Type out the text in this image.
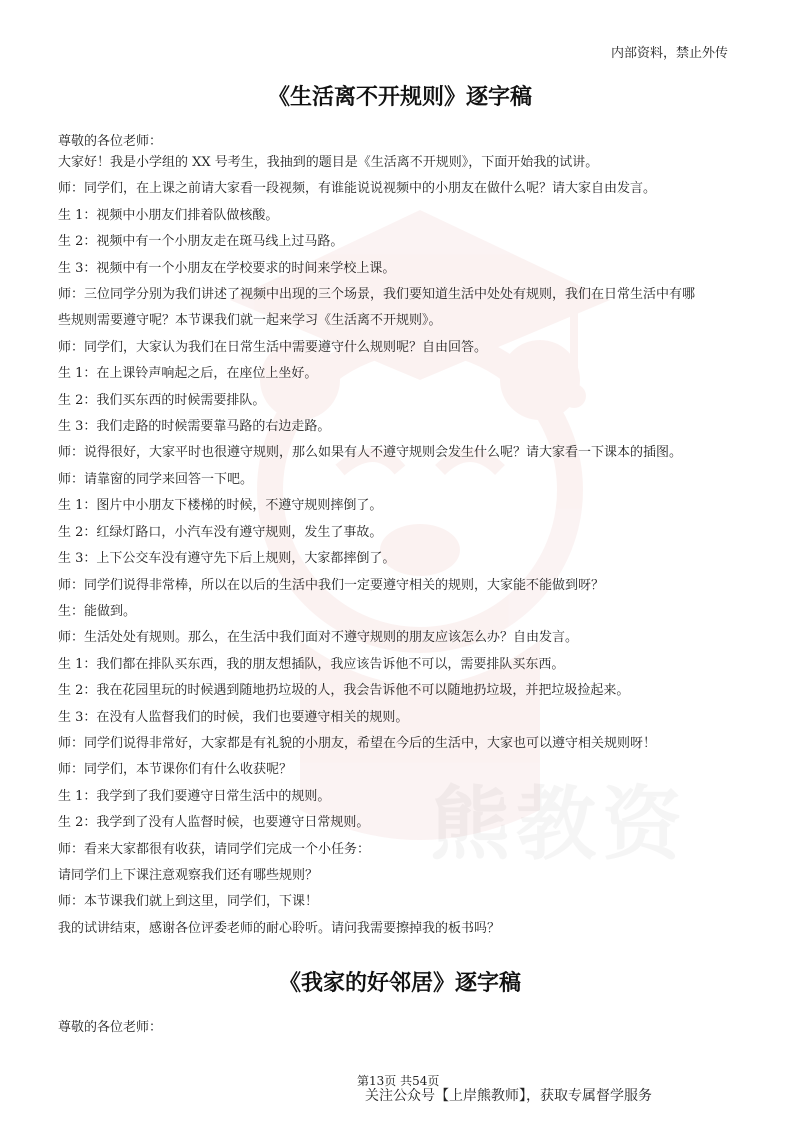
内部资料，禁止外传
《生活离不开规则》逐字稿
尊敬的各位老师：
大家好！我是小学组的 XX 号考生，我抽到的题目是《生活离不开规则》，下面开始我的试讲。
师：同学们，在上课之前请大家看一段视频，有谁能说说视频中的小朋友在做什么呢？请大家自由发言。
生 1：视频中小朋友们排着队做核酸。
生 2：视频中有一个小朋友走在斑马线上过马路。
生 3：视频中有一个小朋友在学校要求的时间来学校上课。
师：三位同学分别为我们讲述了视频中出现的三个场景，我们要知道生活中处处有规则，我们在日常生活中有哪
些规则需要遵守呢？本节课我们就一起来学习《生活离不开规则》。
师：同学们，大家认为我们在日常生活中需要遵守什么规则呢？自由回答。
生 1：在上课铃声响起之后，在座位上坐好。
生 2：我们买东西的时候需要排队。
生 3：我们走路的时候需要靠马路的右边走路。
师：说得很好，大家平时也很遵守规则，那么如果有人不遵守规则会发生什么呢？请大家看一下课本的插图。
师：请靠窗的同学来回答一下吧。
生 1：图片中小朋友下楼梯的时候，不遵守规则摔倒了。
生 2：红绿灯路口，小汽车没有遵守规则，发生了事故。
生 3：上下公交车没有遵守先下后上规则，大家都摔倒了。
师：同学们说得非常棒，所以在以后的生活中我们一定要遵守相关的规则，大家能不能做到呀？
生：能做到。
师：生活处处有规则。那么，在生活中我们面对不遵守规则的朋友应该怎么办？自由发言。
生 1：我们都在排队买东西，我的朋友想插队，我应该告诉他不可以，需要排队买东西。
生 2：我在花园里玩的时候遇到随地扔垃圾的人，我会告诉他不可以随地扔垃圾，并把垃圾捡起来。
生 3：在没有人监督我们的时候，我们也要遵守相关的规则。
师：同学们说得非常好，大家都是有礼貌的小朋友，希望在今后的生活中，大家也可以遵守相关规则呀！
师：同学们，本节课你们有什么收获呢？
生 1：我学到了我们要遵守日常生活中的规则。
生 2：我学到了没有人监督时候，也要遵守日常规则。
师：看来大家都很有收获，请同学们完成一个小任务：
请同学们上下课注意观察我们还有哪些规则？
师：本节课我们就上到这里，同学们，下课！
我的试讲结束，感谢各位评委老师的耐心聆听。请问我需要擦掉我的板书吗？
《我家的好邻居》逐字稿
尊敬的各位老师：
第13页 共54页
关注公众号【上岸熊教师】，获取专属督学服务
